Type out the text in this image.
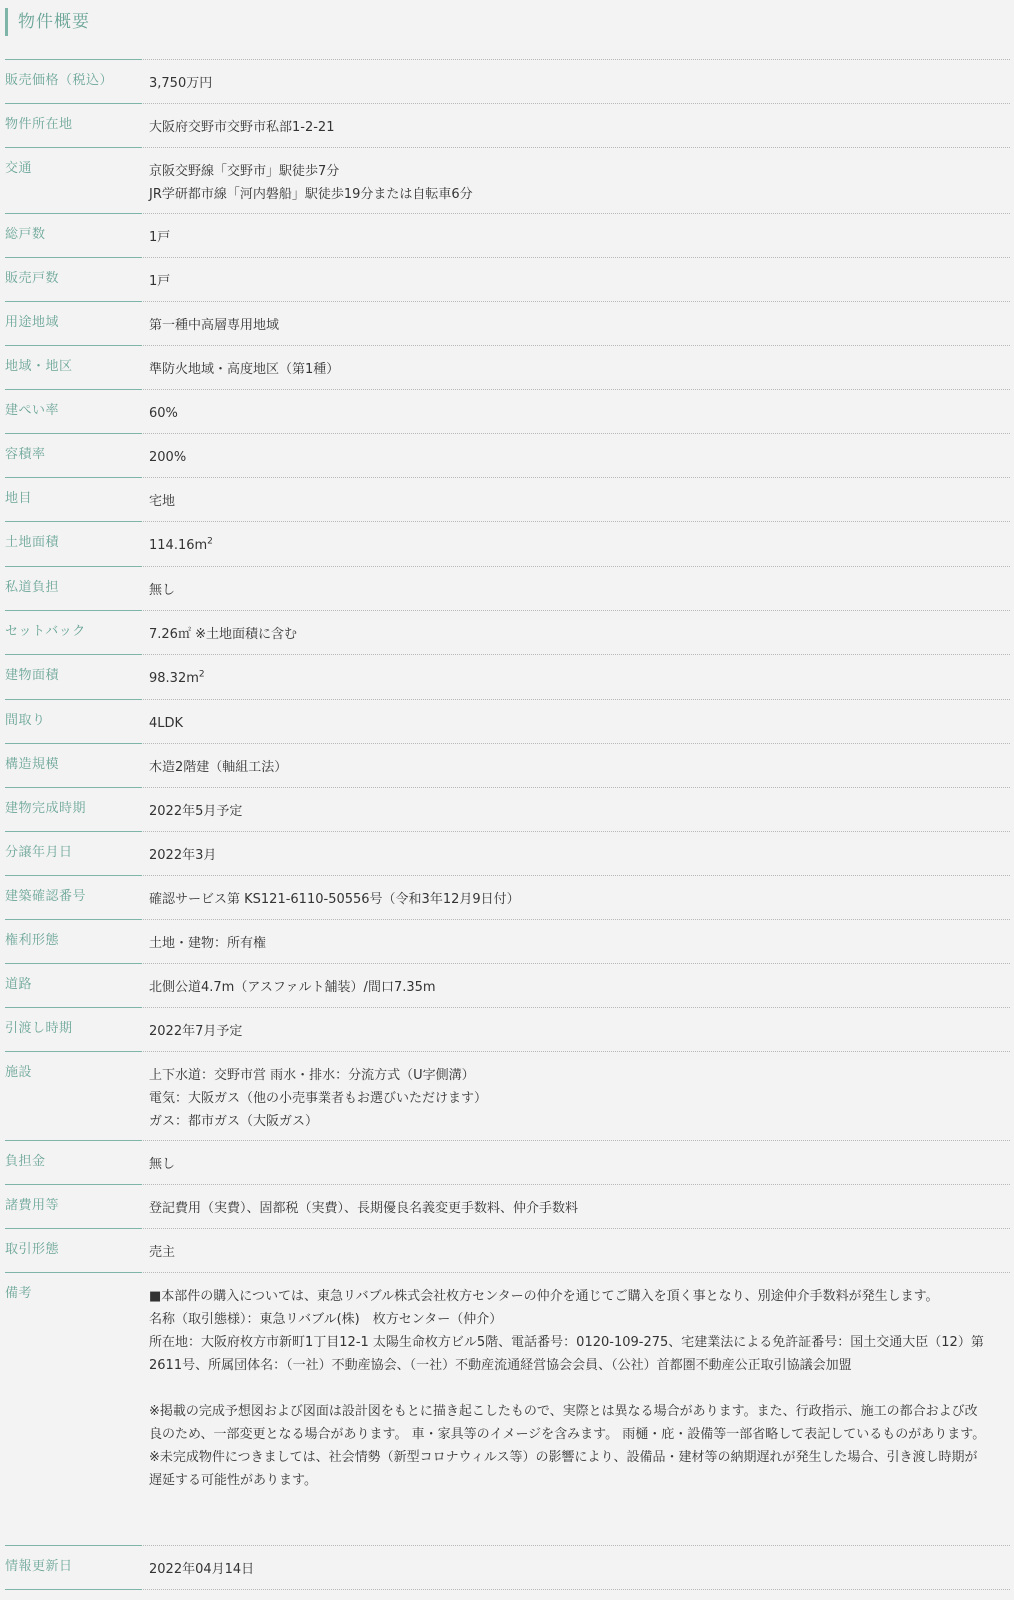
物件概要
販売価格（税込）	3,750万円
物件所在地	大阪府交野市交野市私部1-2-21
交通	京阪交野線「交野市」駅徒歩7分
JR学研都市線「河内磐船」駅徒歩19分または自転車6分
総戸数	1戸
販売戸数	1戸
用途地域	第一種中高層専用地域
地域・地区	準防火地域・高度地区（第1種）
建ぺい率	60%
容積率	200%
地目	宅地
土地面積	$114.16m^2$
私道負担	無し
セットバック	7.26㎡ ※土地面積に含む
建物面積	$98.32m^2$
間取り	4LDK
構造規模	木造2階建（軸組工法）
建物完成時期	2022年5月予定
分譲年月日	2022年3月
建築確認番号	確認サービス第 KS121-6110-50556号（令和3年12月9日付）
権利形態	土地・建物：所有権
道路	北側公道4.7m（アスファルト舗装）/間口7.35m
引渡し時期	2022年7月予定
施設	上下水道：交野市営 雨水・排水：分流方式（U字側溝）
電気：大阪ガス（他の小売事業者もお選びいただけます）
ガス：都市ガス（大阪ガス）
負担金	無し
諸費用等	登記費用（実費）、固都税（実費）、長期優良名義変更手数料、仲介手数料
取引形態	売主
備考	■本部件の購入については、東急リバブル株式会社枚方センターの仲介を通じてご購入を頂く事となり、別途仲介手数料が発生します。
名称（取引態様）：東急リバブル(株)　枚方センター（仲介）
所在地：大阪府枚方市新町1丁目12-1 太陽生命枚方ビル5階、電話番号：0120-109-275、宅建業法による免許証番号：国土交通大臣（12）第2611号、所属団体名：（一社）不動産協会、（一社）不動産流通経営協会会員、（公社）首都圏不動産公正取引協議会加盟

※掲載の完成予想図および図面は設計図をもとに描き起こしたもので、実際とは異なる場合があります。また、行政指示、施工の都合および改良のため、一部変更となる場合があります。 車・家具等のイメージを含みます。 雨樋・庇・設備等一部省略して表記しているものがあります。
※未完成物件につきましては、社会情勢（新型コロナウィルス等）の影響により、設備品・建材等の納期遅れが発生した場合、引き渡し時期が遅延する可能性があります。
情報更新日	2022年04月14日
